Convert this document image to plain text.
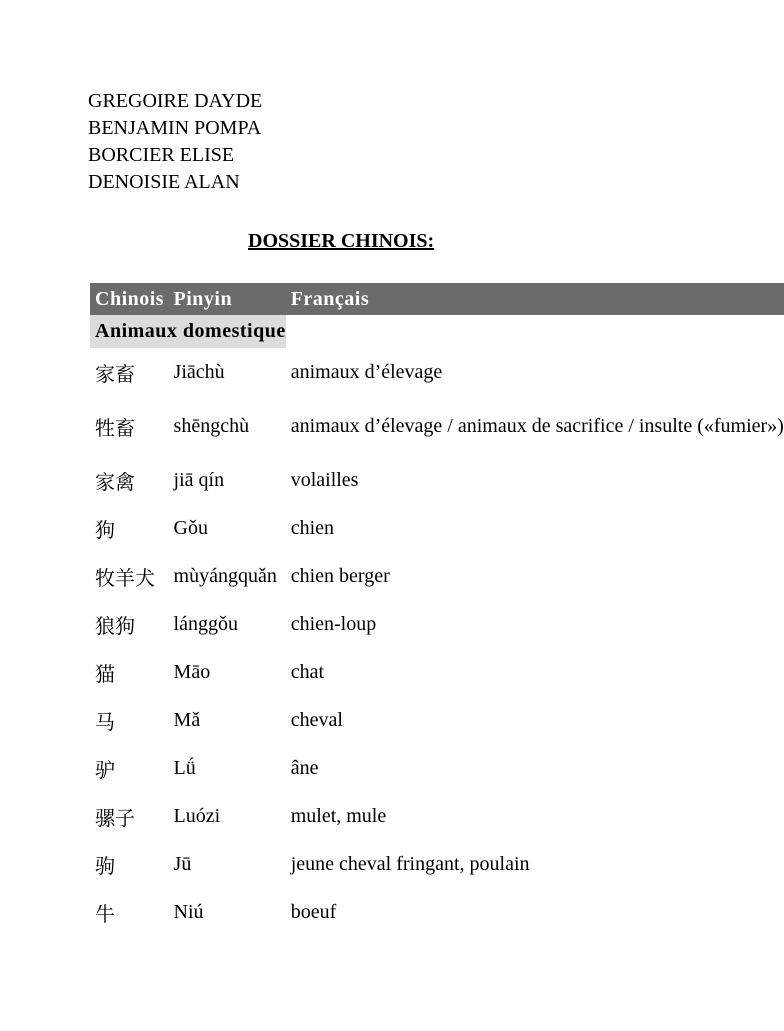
GREGOIRE DAYDE
BENJAMIN POMPA
BORCIER ELISE
DENOISIE ALAN
DOSSIER CHINOIS:
Chinois	Pinyin	Français
Animaux domestique		
家畜	Jiāchù	animaux d’élevage
牲畜	shēngchù	animaux d’élevage / animaux de sacrifice / insulte («fumier»)
家禽	jiā qín	volailles
狗	Gǒu	chien
牧羊犬	mùyángquǎn	chien berger
狼狗	lánggǒu	chien-loup
猫	Māo	chat
马	Mǎ	cheval
驴	Lǘ	âne
骡子	Luózi	mulet, mule
驹	Jū	jeune cheval fringant, poulain
牛	Niú	boeuf
